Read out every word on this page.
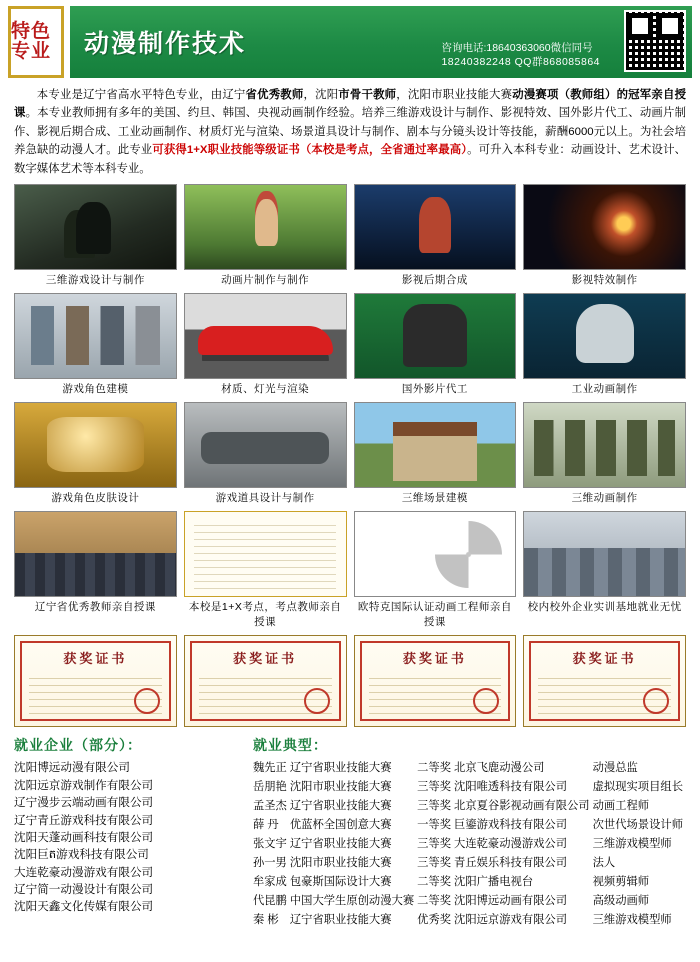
特色专业	动漫制作技术	咨询电话:18640363060微信同号
18240382248 QQ群868085864
本专业是辽宁省高水平特色专业，由辽宁省优秀教师，沈阳市骨干教师，沈阳市职业技能大赛动漫赛项（教师组）的冠军亲自授课。本专业教师拥有多年的美国、约旦、韩国、央视动画制作经验。培养三维游戏设计与制作、影视特效、国外影片代工、动画片制作、影视后期合成、工业动画制作、材质灯光与渲染、场景道具设计与制作、剧本与分镜头设计等技能，薪酬6000元以上。为社会培养急缺的动漫人才。此专业可获得1+X职业技能等级证书（本校是考点，全省通过率最高）。可升入本科专业：动画设计、艺术设计、数字媒体艺术等本科专业。
三维游戏设计与制作	动画片制作与制作	影视后期合成	影视特效制作
游戏角色建模	材质、灯光与渲染	国外影片代工	工业动画制作
游戏角色皮肤设计	游戏道具设计与制作	三维场景建模	三维动画制作
辽宁省优秀教师亲自授课	本校是1+X考点，考点教师亲自授课
欧特克国际认证动画工程师亲自授课
校内校外企业实训基地就业无忧
获奖证书	获奖证书	获奖证书	获奖证书
就业企业（部分）：
沈阳博远动漫有限公司
沈阳远京游戏制作有限公司
辽宁漫步云端动画有限公司
辽宁青丘游戏科技有限公司
沈阳天蓬动画科技有限公司
沈阳巨ត游戏科技有限公司
大连乾豪动漫游戏有限公司
辽宁简一动漫设计有限公司
沈阳天鑫文化传媒有限公司
就业典型：
魏先正	辽宁省职业技能大赛	二等奖	北京飞鹿动漫公司	动漫总监
岳朋艳	沈阳市职业技能大赛	三等奖	沈阳唯透科技有限公司	虚拟现实项目组长
孟圣杰	辽宁省职业技能大赛	三等奖	北京夏谷影视动画有限公司	动画工程师
薛 丹	优蓝杯全国创意大赛	一等奖	巨鎏游戏科技有限公司	次世代场景设计师
张文宇	辽宁省职业技能大赛	三等奖	大连乾豪动漫游戏公司	三维游戏模型师
孙一男	沈阳市职业技能大赛	三等奖	青丘娱乐科技有限公司	法人
牟家成	包豪斯国际设计大赛	二等奖	沈阳广播电视台	视频剪辑师
代昆鹏	中国大学生原创动漫大赛	二等奖	沈阳博远动画有限公司	高级动画师
秦 彬	辽宁省职业技能大赛	优秀奖	沈阳远京游戏有限公司	三维游戏模型师
